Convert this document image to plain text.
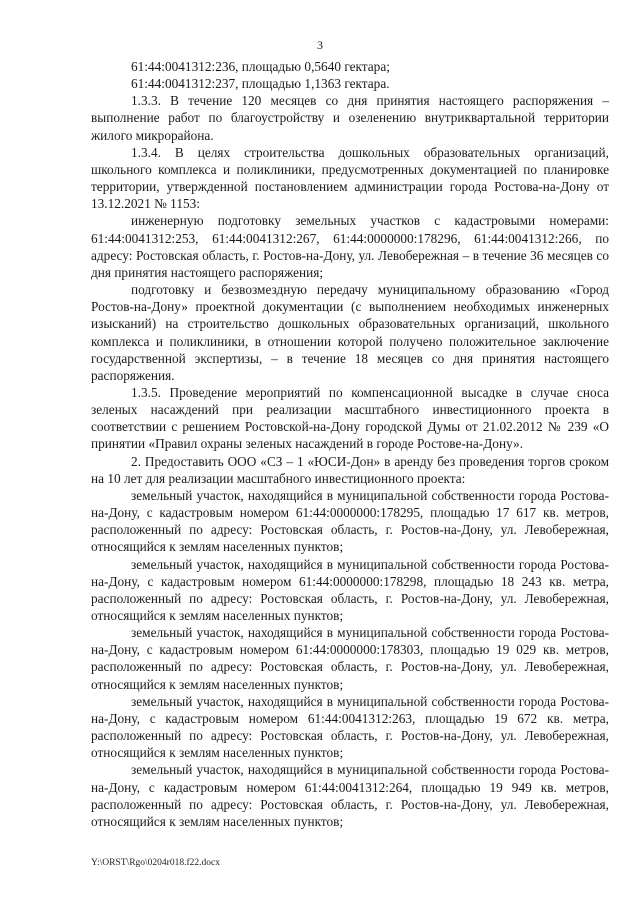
3

61:44:0041312:236, площадью 0,5640 гектара;

61:44:0041312:237, площадью 1,1363 гектара.

1.3.3. В течение 120 месяцев со дня принятия настоящего распоряжения – выполнение работ по благоустройству и озеленению внутриквартальной территории жилого микрорайона.

1.3.4. В целях строительства дошкольных образовательных организаций, школьного комплекса и поликлиники, предусмотренных документацией по планировке территории, утвержденной постановлением администрации города Ростова-на-Дону от 13.12.2021 № 1153:

инженерную подготовку земельных участков с кадастровыми номерами: 61:44:0041312:253, 61:44:0041312:267, 61:44:0000000:178296, 61:44:0041312:266, по адресу: Ростовская область, г. Ростов-на-Дону, ул. Левобережная – в течение 36 месяцев со дня принятия настоящего распоряжения;

подготовку и безвозмездную передачу муниципальному образованию «Город Ростов-на-Дону» проектной документации (с выполнением необходимых инженерных изысканий) на строительство дошкольных образовательных организаций, школьного комплекса и поликлиники, в отношении которой получено положительное заключение государственной экспертизы, – в течение 18 месяцев со дня принятия настоящего распоряжения.

1.3.5. Проведение мероприятий по компенсационной высадке в случае сноса зеленых насаждений при реализации масштабного инвестиционного проекта в соответствии с решением Ростовской-на-Дону городской Думы от 21.02.2012 № 239 «О принятии «Правил охраны зеленых насаждений в городе Ростове-на-Дону».

2. Предоставить ООО «СЗ – 1 «ЮСИ-Дон» в аренду без проведения торгов сроком на 10 лет для реализации масштабного инвестиционного проекта:

земельный участок, находящийся в муниципальной собственности города Ростова-на-Дону, с кадастровым номером 61:44:0000000:178295, площадью 17 617 кв. метров, расположенный по адресу: Ростовская область, г. Ростов-на-Дону, ул. Левобережная, относящийся к землям населенных пунктов;

земельный участок, находящийся в муниципальной собственности города Ростова-на-Дону, с кадастровым номером 61:44:0000000:178298, площадью 18 243 кв. метра, расположенный по адресу: Ростовская область, г. Ростов-на-Дону, ул. Левобережная, относящийся к землям населенных пунктов;

земельный участок, находящийся в муниципальной собственности города Ростова-на-Дону, с кадастровым номером 61:44:0000000:178303, площадью 19 029 кв. метров, расположенный по адресу: Ростовская область, г. Ростов-на-Дону, ул. Левобережная, относящийся к землям населенных пунктов;

земельный участок, находящийся в муниципальной собственности города Ростова-на-Дону, с кадастровым номером 61:44:0041312:263, площадью 19 672 кв. метра, расположенный по адресу: Ростовская область, г. Ростов-на-Дону, ул. Левобережная, относящийся к землям населенных пунктов;

земельный участок, находящийся в муниципальной собственности города Ростова-на-Дону, с кадастровым номером 61:44:0041312:264, площадью 19 949 кв. метров, расположенный по адресу: Ростовская область, г. Ростов-на-Дону, ул. Левобережная, относящийся к землям населенных пунктов;

Y:\ORST\Rgo\0204r018.f22.docx
